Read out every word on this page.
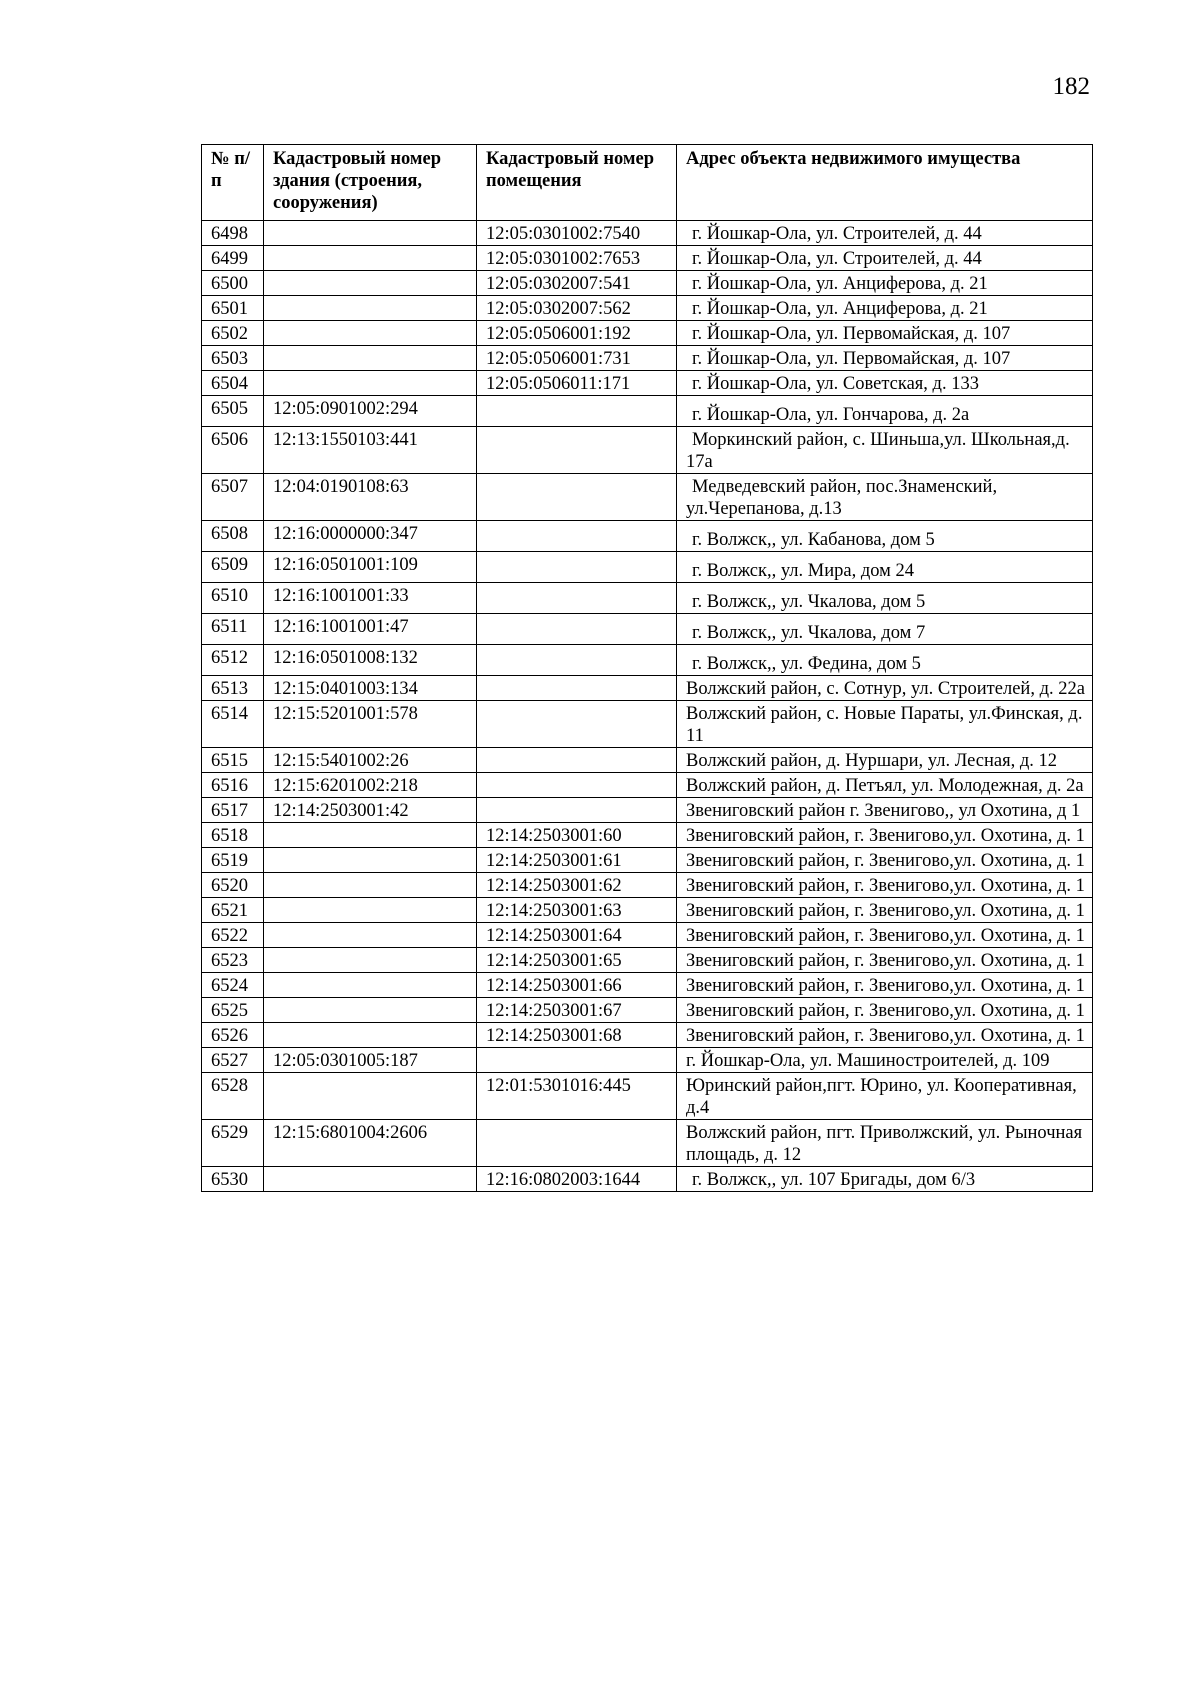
182
№ п/п	Кадастровый номер здания (строения, сооружения)	Кадастровый номер помещения	Адрес объекта недвижимого имущества
6498		12:05:0301002:7540	г. Йошкар-Ола, ул. Строителей, д. 44
6499		12:05:0301002:7653	г. Йошкар-Ола, ул. Строителей, д. 44
6500		12:05:0302007:541	г. Йошкар-Ола, ул. Анциферова, д. 21
6501		12:05:0302007:562	г. Йошкар-Ола, ул. Анциферова, д. 21
6502		12:05:0506001:192	г. Йошкар-Ола, ул. Первомайская, д. 107
6503		12:05:0506001:731	г. Йошкар-Ола, ул. Первомайская, д. 107
6504		12:05:0506011:171	г. Йошкар-Ола, ул. Советская, д. 133
6505	12:05:0901002:294		г. Йошкар-Ола, ул. Гончарова, д. 2а
6506	12:13:1550103:441		Моркинский район, с. Шиньша,ул. Школьная,д. 17а
6507	12:04:0190108:63		Медведевский район, пос.Знаменский, ул.Черепанова, д.13
6508	12:16:0000000:347		г. Волжск,, ул. Кабанова, дом 5
6509	12:16:0501001:109		г. Волжск,, ул. Мира, дом 24
6510	12:16:1001001:33		г. Волжск,, ул. Чкалова, дом 5
6511	12:16:1001001:47		г. Волжск,, ул. Чкалова, дом 7
6512	12:16:0501008:132		г. Волжск,, ул. Федина, дом 5
6513	12:15:0401003:134		Волжский район, с. Сотнур, ул. Строителей, д. 22а
6514	12:15:5201001:578		Волжский район, с. Новые Параты, ул.Финская, д. 11
6515	12:15:5401002:26		Волжский район, д. Нуршари, ул. Лесная, д. 12
6516	12:15:6201002:218		Волжский район, д. Петъял, ул. Молодежная, д. 2а
6517	12:14:2503001:42		Звениговский район г. Звенигово,, ул Охотина, д 1
6518		12:14:2503001:60	Звениговский район, г. Звенигово,ул. Охотина, д. 1
6519		12:14:2503001:61	Звениговский район, г. Звенигово,ул. Охотина, д. 1
6520		12:14:2503001:62	Звениговский район, г. Звенигово,ул. Охотина, д. 1
6521		12:14:2503001:63	Звениговский район, г. Звенигово,ул. Охотина, д. 1
6522		12:14:2503001:64	Звениговский район, г. Звенигово,ул. Охотина, д. 1
6523		12:14:2503001:65	Звениговский район, г. Звенигово,ул. Охотина, д. 1
6524		12:14:2503001:66	Звениговский район, г. Звенигово,ул. Охотина, д. 1
6525		12:14:2503001:67	Звениговский район, г. Звенигово,ул. Охотина, д. 1
6526		12:14:2503001:68	Звениговский район, г. Звенигово,ул. Охотина, д. 1
6527	12:05:0301005:187		г. Йошкар-Ола, ул. Машиностроителей, д. 109
6528		12:01:5301016:445	Юринский район,пгт. Юрино, ул. Кооперативная, д.4
6529	12:15:6801004:2606		Волжский район, пгт. Приволжский, ул. Рыночная площадь, д. 12
6530		12:16:0802003:1644	г. Волжск,, ул. 107 Бригады, дом 6/3
